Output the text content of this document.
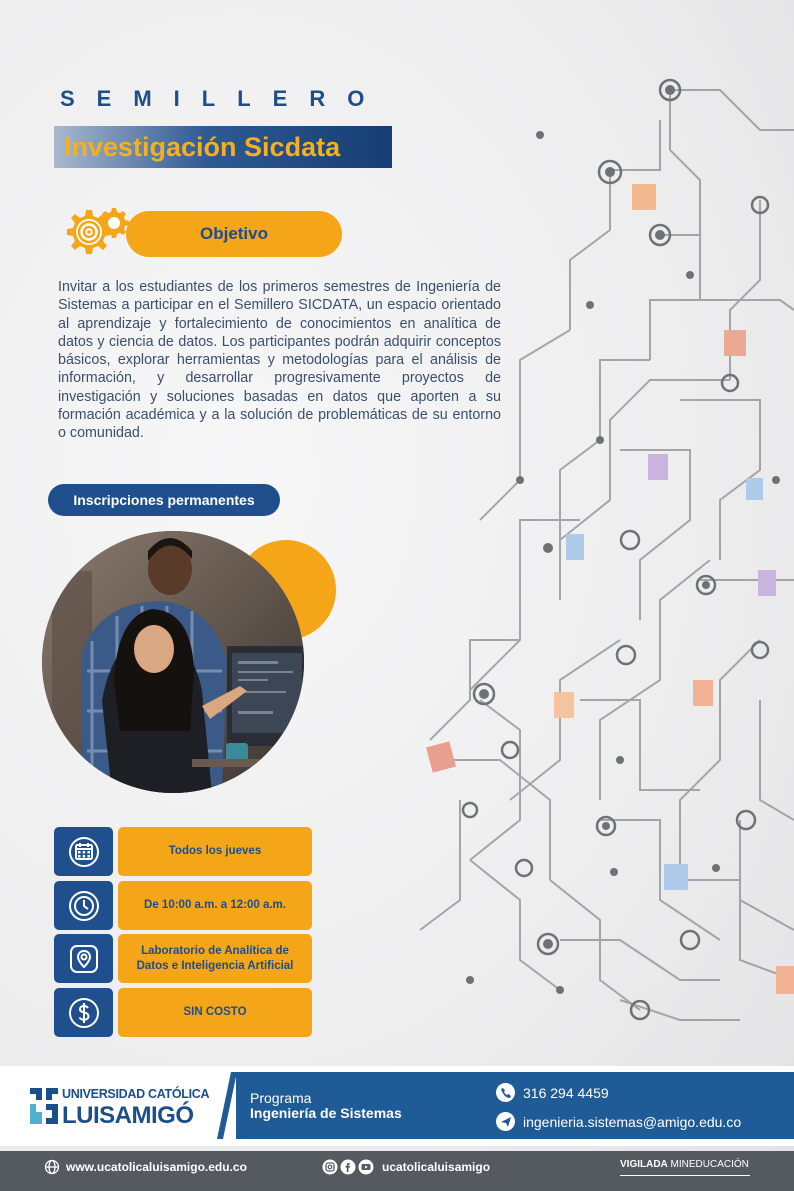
SEMILLERO
Investigación Sicdata
Objetivo

Invitar a los estudiantes de los primeros semestres de Ingeniería de Sistemas a participar en el Semillero SICDATA, un espacio orientado al aprendizaje y fortalecimiento de conocimientos en analítica de datos y ciencia de datos. Los participantes podrán adquirir conceptos básicos, explorar herramientas y metodologías para el análisis de información, y desarrollar progresivamente proyectos de investigación y soluciones basadas en datos que aporten a su formación académica y a la solución de problemáticas de su entorno o comunidad.

Inscripciones permanentes
Todos los jueves
De 10:00 a.m. a 12:00 a.m.
Laboratorio de Analítica de Datos e Inteligencia Artificial
SIN COSTO
UNIVERSIDAD CATÓLICA
LUISAMIGÓ
Programa
Ingeniería de Sistemas
316 294 4459
ingenieria.sistemas@amigo.edu.co
www.ucatolicaluisamigo.edu.co	ucatolicaluisamigo	VIGILADA MINEDUCACIÓN
